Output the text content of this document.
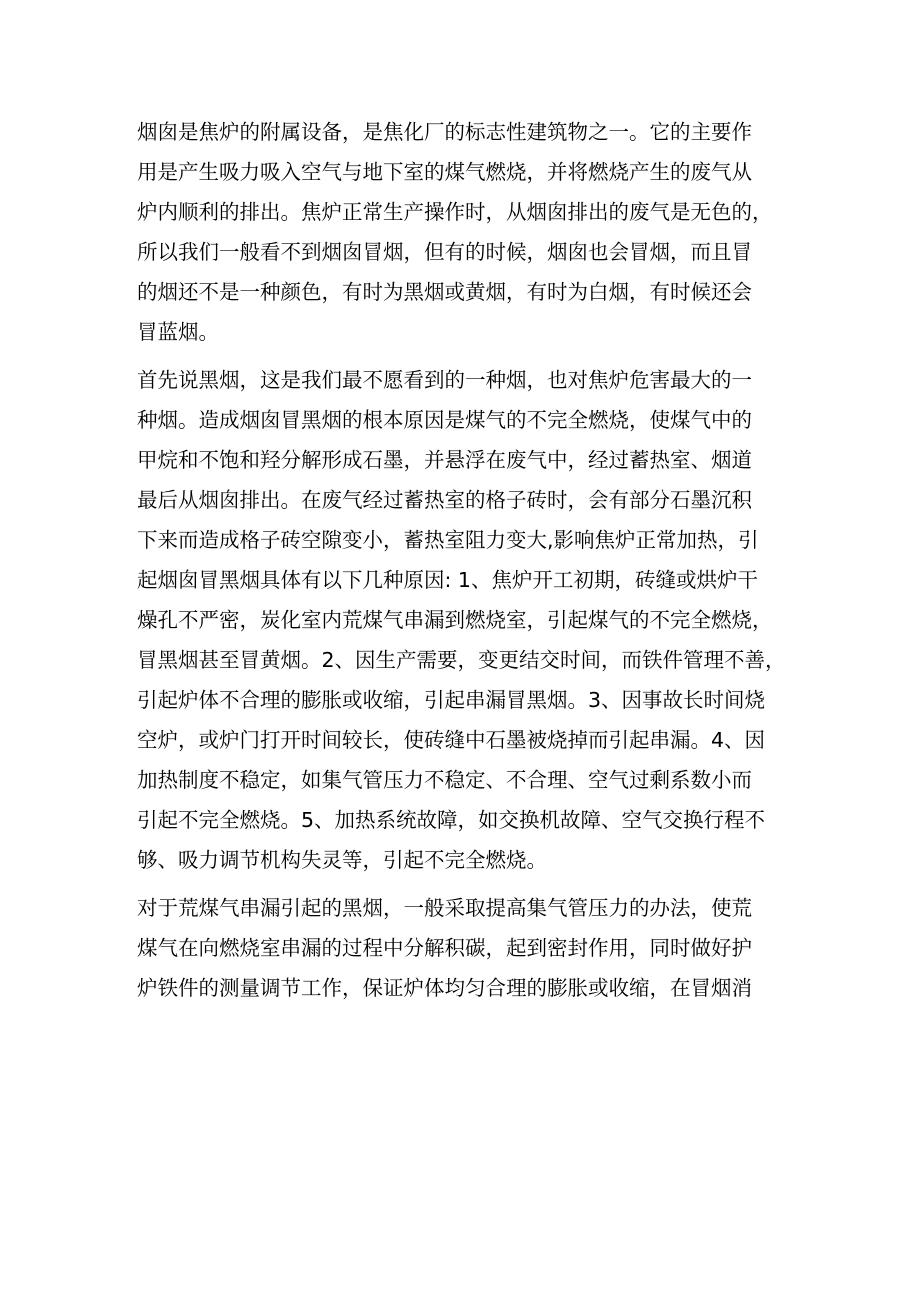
烟囱是焦炉的附属设备，是焦化厂的标志性建筑物之一。它的主要作
用是产生吸力吸入空气与地下室的煤气燃烧，并将燃烧产生的废气从
炉内顺利的排出。焦炉正常生产操作时，从烟囱排出的废气是无色的，
所以我们一般看不到烟囱冒烟，但有的时候，烟囱也会冒烟，而且冒
的烟还不是一种颜色，有时为黑烟或黄烟，有时为白烟，有时候还会
冒蓝烟。

首先说黑烟，这是我们最不愿看到的一种烟，也对焦炉危害最大的一
种烟。造成烟囱冒黑烟的根本原因是煤气的不完全燃烧，使煤气中的
甲烷和不饱和羟分解形成石墨，并悬浮在废气中，经过蓄热室、烟道
最后从烟囱排出。在废气经过蓄热室的格子砖时，会有部分石墨沉积
下来而造成格子砖空隙变小，蓄热室阻力变大,影响焦炉正常加热，引
起烟囱冒黑烟具体有以下几种原因: 1、焦炉开工初期，砖缝或烘炉干
燥孔不严密，炭化室内荒煤气串漏到燃烧室，引起煤气的不完全燃烧，
冒黑烟甚至冒黄烟。2、因生产需要，变更结交时间，而铁件管理不善，
引起炉体不合理的膨胀或收缩，引起串漏冒黑烟。3、因事故长时间烧
空炉，或炉门打开时间较长，使砖缝中石墨被烧掉而引起串漏。4、因
加热制度不稳定，如集气管压力不稳定、不合理、空气过剩系数小而
引起不完全燃烧。5、加热系统故障，如交换机故障、空气交换行程不
够、吸力调节机构失灵等，引起不完全燃烧。

对于荒煤气串漏引起的黑烟，一般采取提高集气管压力的办法，使荒
煤气在向燃烧室串漏的过程中分解积碳，起到密封作用，同时做好护
炉铁件的测量调节工作，保证炉体均匀合理的膨胀或收缩，在冒烟消
